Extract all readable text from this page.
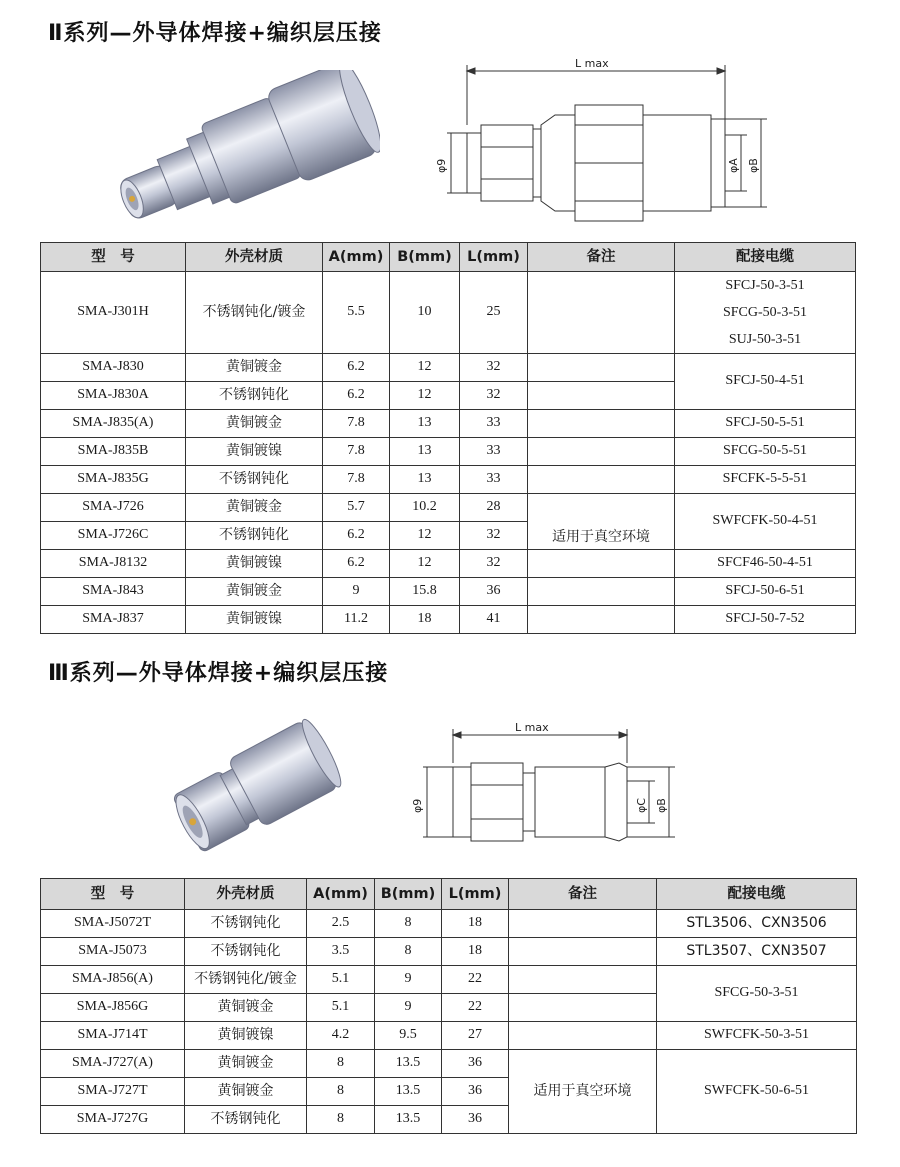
Ⅱ系列—外导体焊接+编织层压接
L max
φ9	φA φB
型　号	外壳材质	A(mm)	B(mm)	L(mm)	备注	配接电缆
SMA-J301H	不锈钢钝化/镀金	5.5	10	25		SFCJ-50-3-51
SFCG-50-3-51
SUJ-50-3-51

SMA-J830	黄铜镀金	6.2	12	32		SFCJ-50-4-51
SMA-J830A	不锈钢钝化	6.2	12	32		
SMA-J835(A)	黄铜镀金	7.8	13	33		SFCJ-50-5-51
SMA-J835B	黄铜镀镍	7.8	13	33		SFCG-50-5-51
SMA-J835G	不锈钢钝化	7.8	13	33		SFCFK-5-5-51
SMA-J726	黄铜镀金	5.7	10.2	28	适用于真空环境	SWFCFK-50-4-51
SMA-J726C	不锈钢钝化	6.2	12	32		
SMA-J8132	黄铜镀镍	6.2	12	32		SFCF46-50-4-51
SMA-J843	黄铜镀金	9	15.8	36		SFCJ-50-6-51
SMA-J837	黄铜镀镍	11.2	18	41		SFCJ-50-7-52
Ⅲ系列—外导体焊接+编织层压接
L max
φ9	φC φB
型　号	外壳材质	A(mm)	B(mm)	L(mm)	备注	配接电缆
SMA-J5072T	不锈钢钝化	2.5	8	18		STL3506、CXN3506
SMA-J5073	不锈钢钝化	3.5	8	18		STL3507、CXN3507
SMA-J856(A)	不锈钢钝化/镀金	5.1	9	22		SFCG-50-3-51
SMA-J856G	黄铜镀金	5.1	9	22		
SMA-J714T	黄铜镀镍	4.2	9.5	27		SWFCFK-50-3-51
SMA-J727(A)	黄铜镀金	8	13.5	36	适用于真空环境	SWFCFK-50-6-51
SMA-J727T	黄铜镀金	8	13.5	36		
SMA-J727G	不锈钢钝化	8	13.5	36		
